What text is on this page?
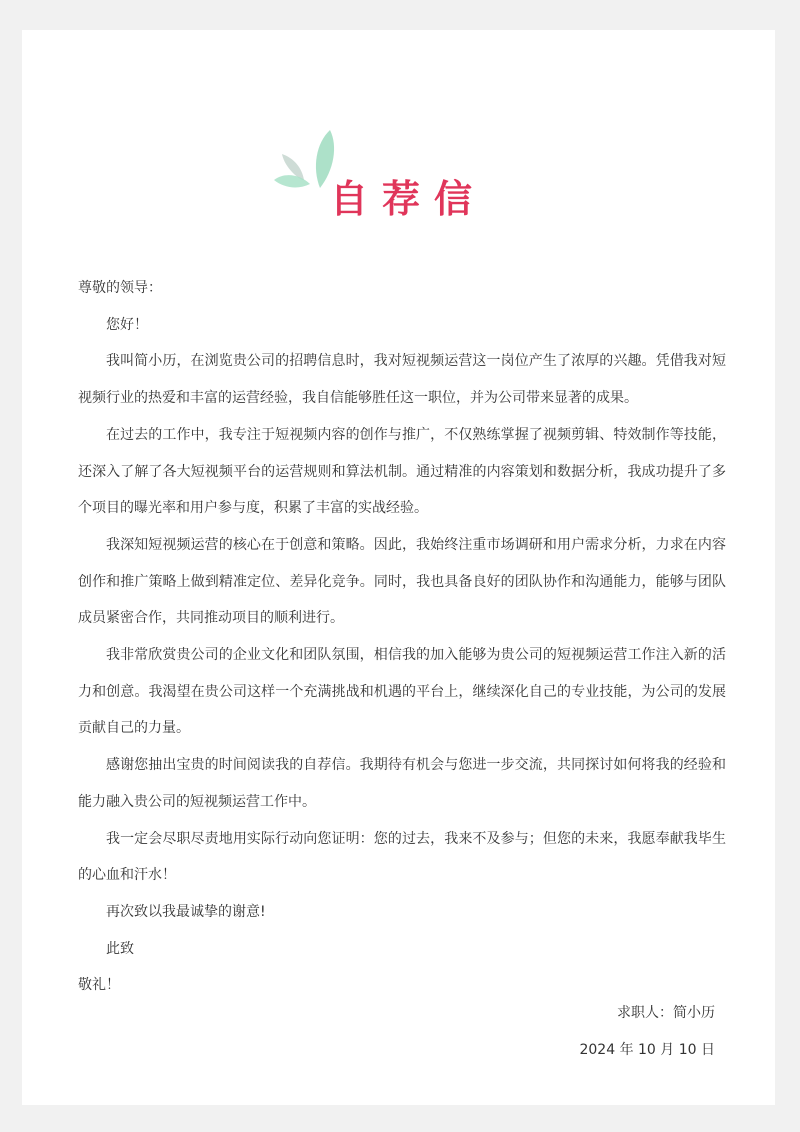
自荐信

尊敬的领导：

您好！

我叫简小历，在浏览贵公司的招聘信息时，我对短视频运营这一岗位产生了浓厚的兴趣。凭借我对短视频行业的热爱和丰富的运营经验，我自信能够胜任这一职位，并为公司带来显著的成果。

在过去的工作中，我专注于短视频内容的创作与推广，不仅熟练掌握了视频剪辑、特效制作等技能，还深入了解了各大短视频平台的运营规则和算法机制。通过精准的内容策划和数据分析，我成功提升了多个项目的曝光率和用户参与度，积累了丰富的实战经验。

我深知短视频运营的核心在于创意和策略。因此，我始终注重市场调研和用户需求分析，力求在内容创作和推广策略上做到精准定位、差异化竞争。同时，我也具备良好的团队协作和沟通能力，能够与团队成员紧密合作，共同推动项目的顺利进行。

我非常欣赏贵公司的企业文化和团队氛围，相信我的加入能够为贵公司的短视频运营工作注入新的活力和创意。我渴望在贵公司这样一个充满挑战和机遇的平台上，继续深化自己的专业技能，为公司的发展贡献自己的力量。

感谢您抽出宝贵的时间阅读我的自荐信。我期待有机会与您进一步交流，共同探讨如何将我的经验和能力融入贵公司的短视频运营工作中。

我一定会尽职尽责地用实际行动向您证明：您的过去，我来不及参与；但您的未来，我愿奉献我毕生的心血和汗水！

再次致以我最诚挚的谢意!

此致

敬礼！

求职人：简小历
2024 年 10 月 10 日
